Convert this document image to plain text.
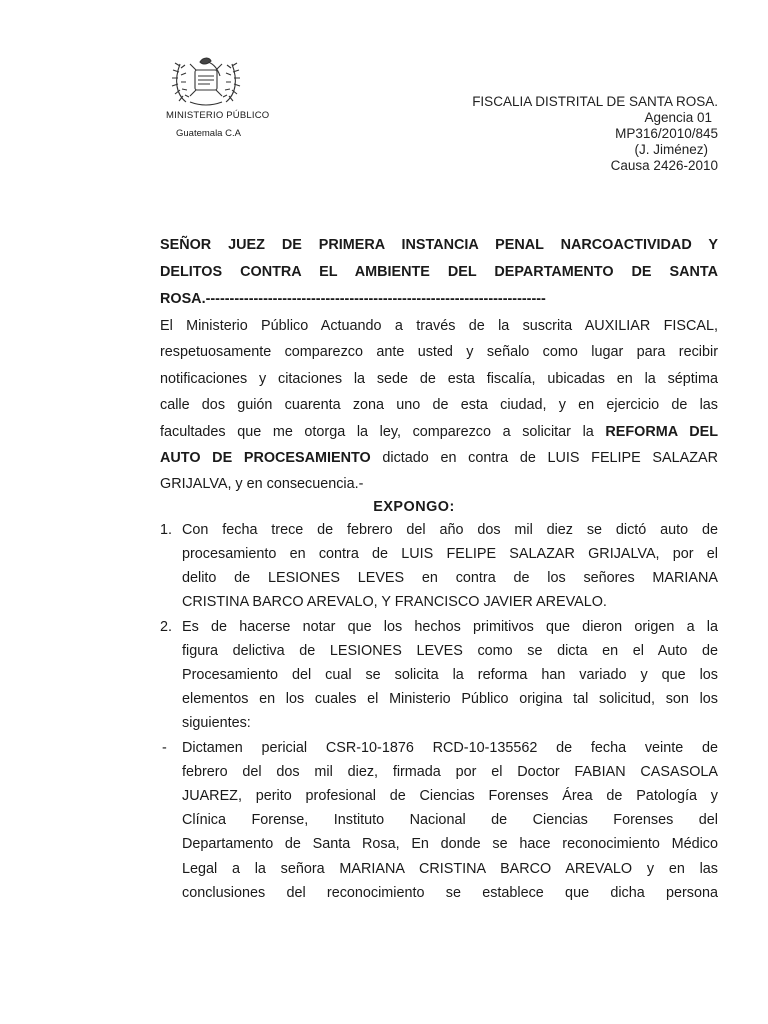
MINISTERIO PÚBLICO
Guatemala C.A
FISCALIA DISTRITAL DE SANTA ROSA.
Agencia 01
MP316/2010/845
(J. Jiménez)
Causa 2426-2010
SEÑOR JUEZ DE PRIMERA INSTANCIA PENAL NARCOACTIVIDAD Y
DELITOS CONTRA EL AMBIENTE DEL DEPARTAMENTO DE SANTA
ROSA.-----------------------------------------------------------------------
El Ministerio Público Actuando a través de la suscrita AUXILIAR FISCAL,
respetuosamente comparezco ante usted y señalo como lugar para recibir
notificaciones y citaciones la sede de esta fiscalía, ubicadas en la séptima
calle dos guión cuarenta zona uno de esta ciudad, y en ejercicio de las
facultades que me otorga la ley, comparezco a solicitar la REFORMA DEL
AUTO DE PROCESAMIENTO dictado en contra de LUIS FELIPE SALAZAR
GRIJALVA, y en consecuencia.-
EXPONGO:
1. Con fecha trece de febrero del año dos mil diez se dictó auto de
procesamiento en contra de LUIS FELIPE SALAZAR GRIJALVA, por el
delito de LESIONES LEVES en contra de los señores MARIANA
CRISTINA BARCO AREVALO, Y FRANCISCO JAVIER AREVALO.
2. Es de hacerse notar que los hechos primitivos que dieron origen a la
figura delictiva de LESIONES LEVES como se dicta en el Auto de
Procesamiento del cual se solicita la reforma han variado y que los
elementos en los cuales el Ministerio Público origina tal solicitud, son los
siguientes:
- Dictamen pericial CSR-10-1876 RCD-10-135562 de fecha veinte de
febrero del dos mil diez, firmada por el Doctor FABIAN CASASOLA
JUAREZ, perito profesional de Ciencias Forenses Área de Patología y
Clínica Forense, Instituto Nacional de Ciencias Forenses del
Departamento de Santa Rosa, En donde se hace reconocimiento Médico
Legal a la señora MARIANA CRISTINA BARCO AREVALO y en las
conclusiones del reconocimiento se establece que dicha persona
